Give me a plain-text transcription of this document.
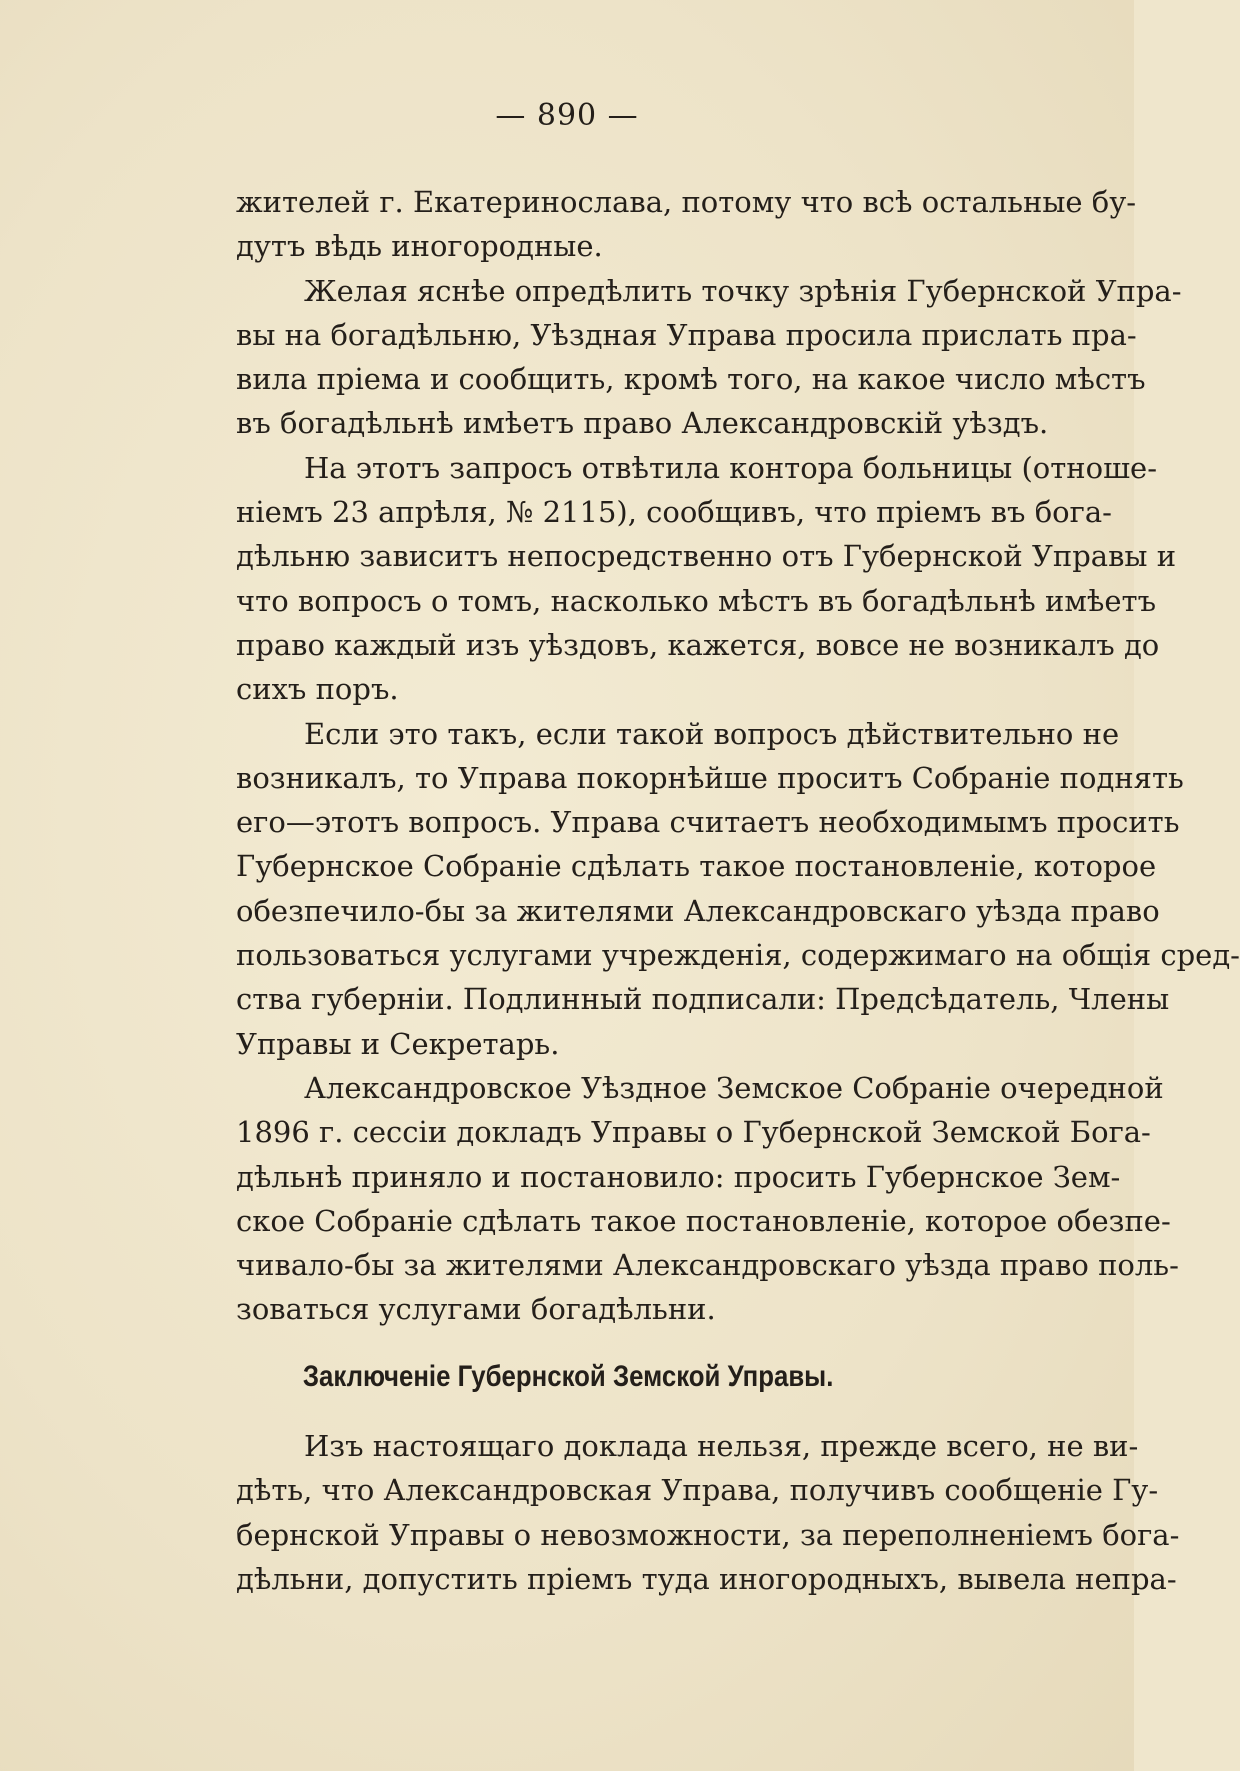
— 890 —
жителей г. Екатеринослава, потому что всѣ остальные бу-
дутъ вѣдь иногородные.
Желая яснѣе опредѣлить точку зрѣнія Губернской Упра-
вы на богадѣльню, Уѣздная Управа просила прислать пра-
вила пріема и сообщить, кромѣ того, на какое число мѣстъ
въ богадѣльнѣ имѣетъ право Александровскій уѣздъ.
На этотъ запросъ отвѣтила контора больницы (отноше-
ніемъ 23 апрѣля, № 2115), сообщивъ, что пріемъ въ бога-
дѣльню зависитъ непосредственно отъ Губернской Управы и
что вопросъ о томъ, насколько мѣстъ въ богадѣльнѣ имѣетъ
право каждый изъ уѣздовъ, кажется, вовсе не возникалъ до
сихъ поръ.
Если это такъ, если такой вопросъ дѣйствительно не
возникалъ, то Управа покорнѣйше проситъ Собраніе поднять
его—этотъ вопросъ. Управа считаетъ необходимымъ просить
Губернское Собраніе сдѣлать такое постановленіе, которое
обезпечило-бы за жителями Александровскаго уѣзда право
пользоваться услугами учрежденія, содержимаго на общія сред-
ства губерніи. Подлинный подписали: Предсѣдатель, Члены
Управы и Секретарь.
Александровское Уѣздное Земское Собраніе очередной
1896 г. сессіи докладъ Управы о Губернской Земской Бога-
дѣльнѣ приняло и постановило: просить Губернское Зем-
ское Собраніе сдѣлать такое постановленіе, которое обезпе-
чивало-бы за жителями Александровскаго уѣзда право поль-
зоваться услугами богадѣльни.
Заключеніе Губернской Земской Управы.
Изъ настоящаго доклада нельзя, прежде всего, не ви-
дѣть, что Александровская Управа, получивъ сообщеніе Гу-
бернской Управы о невозможности, за переполненіемъ бога-
дѣльни, допустить пріемъ туда иногородныхъ, вывела непра-
